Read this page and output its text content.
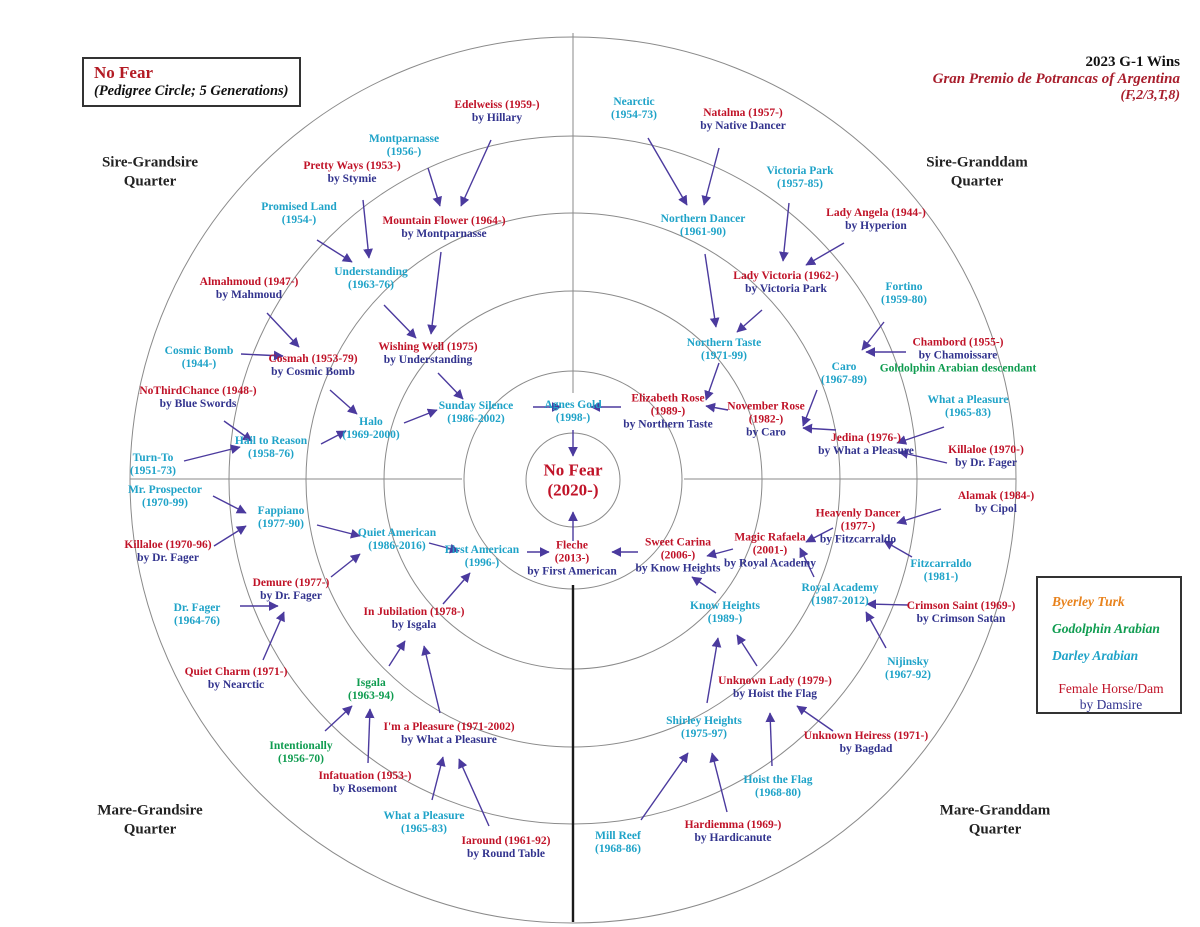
Edelweiss (1959-)
by Hillary
Nearctic
(1954-73)	Natalma (1957-)
by Native Dancer
Montparnasse
(1956-)
Pretty Ways (1953-)
by Stymie
Victoria Park
(1957-85)
Promised Land
(1954-)
Lady Angela (1944-)
by Hyperion
Mountain Flower (1964-)
by Montparnasse
Northern Dancer
(1961-90)
Understanding
(1963-76)
Lady Victoria (1962-)
by Victoria Park
Almahmoud (1947-)
by Mahmoud
Fortino
(1959-80)
Cosmic Bomb
(1944-)
Chambord (1955-)
by Chamoissare
Goldolphin Arabian descendant
Cosmah (1953-79)
by Cosmic Bomb
Wishing Well (1975)
by Understanding
Northern Taste
(1971-99)
Caro
(1967-89)
NoThirdChance (1948-)
by Blue Swords	What a Pleasure
(1965-83)
Halo
(1969-2000)
Sunday Silence
(1986-2002)
Agnes Gold
(1998-)
Elizabeth Rose
(1989-)
by Northern Taste
November Rose
(1982-)
by Caro
Hail to Reason
(1958-76)
Jedina (1976-)
by What a Pleasure
Turn-To
(1951-73)
Killaloe (1970-)
by Dr. Fager
Mr. Prospector
(1970-99)
No Fear
(2020-)	Alamak (1984-)
by Cipol
Fappiano
(1977-90)
Heavenly Dancer
(1977-)
by Fitzcarraldo
Quiet American
(1986-2016)
Killaloe (1970-96)
by Dr. Fager
Magic Rafaela
(2001-)
by Royal Academy
First American
(1996-)
Fleche
(2013-)
by First American
Sweet Carina
(2006-)
by Know Heights	Fitzcarraldo
(1981-)
Demure (1977-)
by Dr. Fager
Royal Academy
(1987-2012)
Dr. Fager
(1964-76)
Crimson Saint (1969-)
by Crimson Satan
In Jubilation (1978-)
by Isgala
Know Heights
(1989-)
Nijinsky
(1967-92)
Quiet Charm (1971-)
by Nearctic	Isgala
(1963-94)
Unknown Lady (1979-)
by Hoist the Flag
Shirley Heights
(1975-97)
I'm a Pleasure (1971-2002)
by What a Pleasure	Unknown Heiress (1971-)
by Bagdad
Intentionally
(1956-70)
Infatuation (1953-)
by Rosemont
Hoist the Flag
(1968-80)
What a Pleasure
(1965-83)	Hardiemma (1969-)
by Hardicanute
Iaround (1961-92)
by Round Table
Mill Reef
(1968-86)
No Fear
(Pedigree Circle; 5 Generations)
2023 G-1 Wins
Gran Premio de Potrancas of Argentina
(F,2/3,T,8)
Sire-Grandsire
Quarter
Sire-Granddam
Quarter
Mare-Grandsire
Quarter
Mare-Granddam
Quarter
Byerley Turk
Godolphin Arabian
Darley Arabian
Female Horse/Dam
by Damsire
